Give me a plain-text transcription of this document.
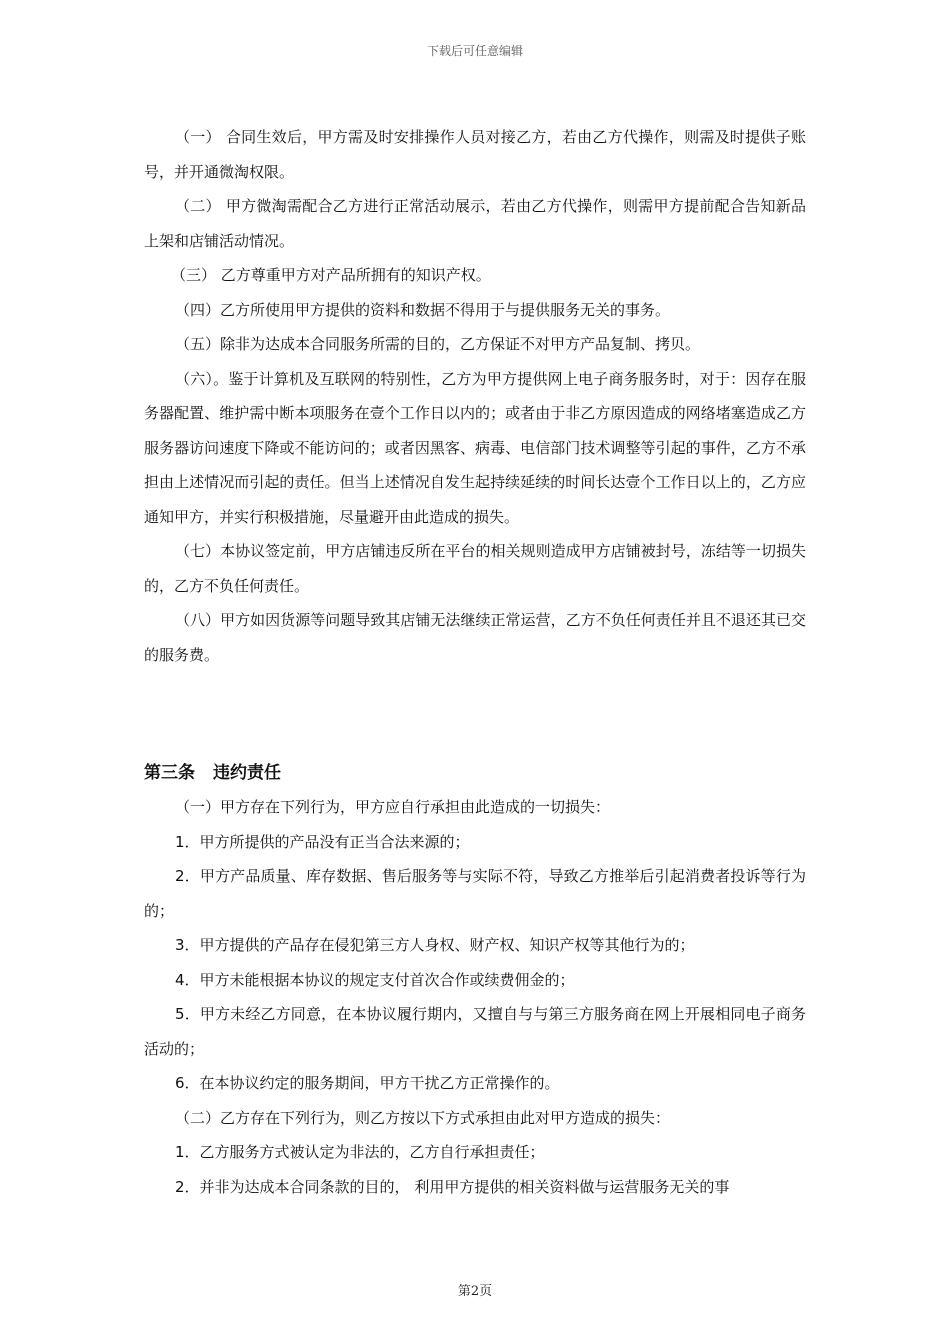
下载后可任意编辑

（一） 合同生效后，甲方需及时安排操作人员对接乙方，若由乙方代操作，则需及时提供子账号，并开通微淘权限。

（二） 甲方微淘需配合乙方进行正常活动展示，若由乙方代操作，则需甲方提前配合告知新品上架和店铺活动情况。

（三） 乙方尊重甲方对产品所拥有的知识产权。

（四）乙方所使用甲方提供的资料和数据不得用于与提供服务无关的事务。

（五）除非为达成本合同服务所需的目的，乙方保证不对甲方产品复制、拷贝。

（六）。鉴于计算机及互联网的特别性，乙方为甲方提供网上电子商务服务时，对于：因存在服务器配置、维护需中断本项服务在壹个工作日以内的；或者由于非乙方原因造成的网络堵塞造成乙方服务器访问速度下降或不能访问的；或者因黑客、病毒、电信部门技术调整等引起的事件，乙方不承担由上述情况而引起的责任。但当上述情况自发生起持续延续的时间长达壹个工作日以上的，乙方应通知甲方，并实行积极措施，尽量避开由此造成的损失。

（七）本协议签定前，甲方店铺违反所在平台的相关规则造成甲方店铺被封号，冻结等一切损失的，乙方不负任何责任。

（八）甲方如因货源等问题导致其店铺无法继续正常运营，乙方不负任何责任并且不退还其已交的服务费。

第三条 违约责任

（一）甲方存在下列行为，甲方应自行承担由此造成的一切损失：

1．甲方所提供的产品没有正当合法来源的；

2．甲方产品质量、库存数据、售后服务等与实际不符，导致乙方推举后引起消费者投诉等行为的；

3．甲方提供的产品存在侵犯第三方人身权、财产权、知识产权等其他行为的；

4．甲方未能根据本协议的规定支付首次合作或续费佣金的；

5．甲方未经乙方同意，在本协议履行期内，又擅自与与第三方服务商在网上开展相同电子商务活动的；

6．在本协议约定的服务期间，甲方干扰乙方正常操作的。

（二）乙方存在下列行为，则乙方按以下方式承担由此对甲方造成的损失：

1．乙方服务方式被认定为非法的，乙方自行承担责任；

2．并非为达成本合同条款的目的， 利用甲方提供的相关资料做与运营服务无关的事

第2页
